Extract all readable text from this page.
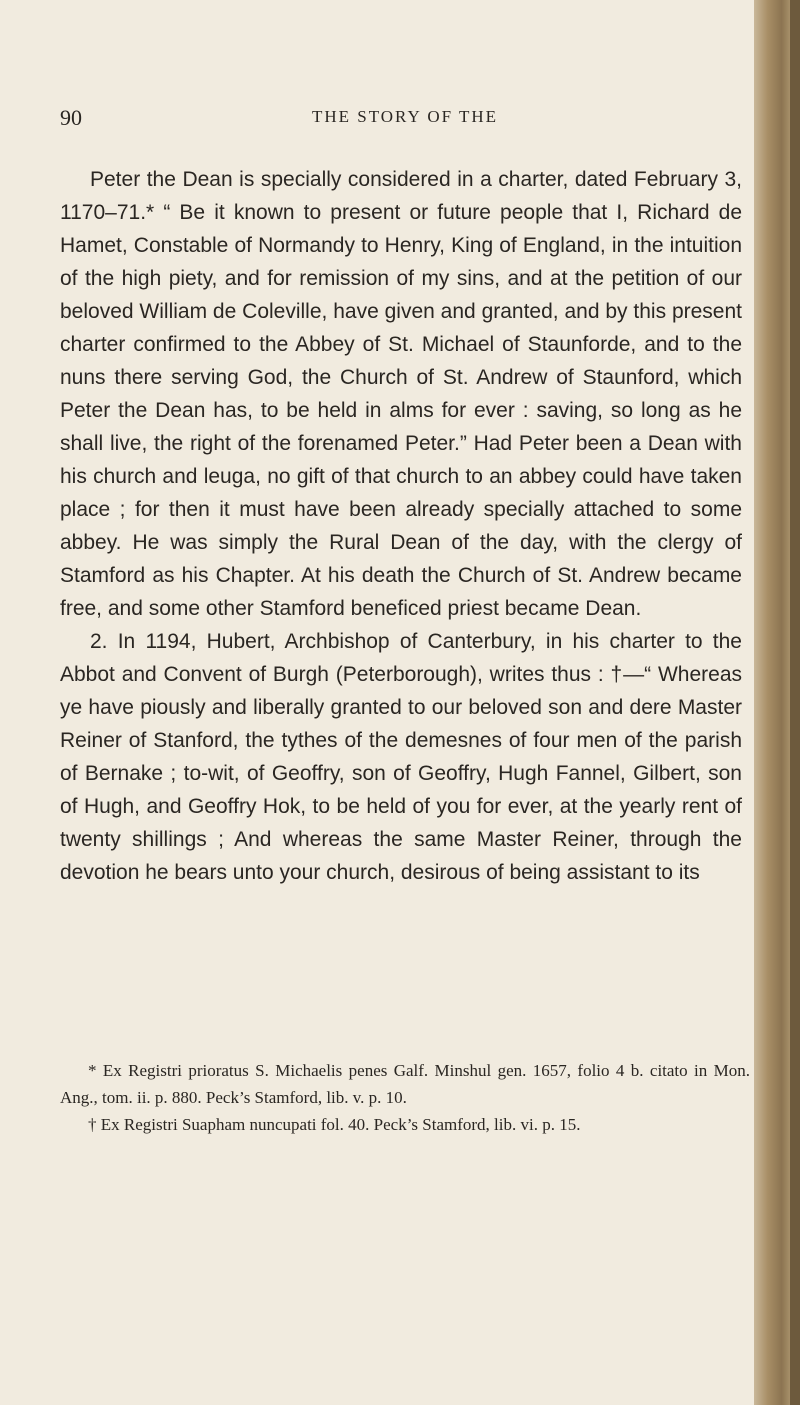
90	THE STORY OF THE

Peter the Dean is specially considered in a charter, dated February 3, 1170–71.* “ Be it known to present or future people that I, Richard de Hamet, Constable of Normandy to Henry, King of England, in the intuition of the high piety, and for remission of my sins, and at the petition of our beloved William de Coleville, have given and granted, and by this present charter confirmed to the Abbey of St. Michael of Staunforde, and to the nuns there serving God, the Church of St. Andrew of Staunford, which Peter the Dean has, to be held in alms for ever : saving, so long as he shall live, the right of the forenamed Peter.” Had Peter been a Dean with his church and leuga, no gift of that church to an abbey could have taken place ; for then it must have been already specially attached to some abbey. He was simply the Rural Dean of the day, with the clergy of Stamford as his Chapter. At his death the Church of St. Andrew became free, and some other Stamford beneficed priest became Dean.

2. In 1194, Hubert, Archbishop of Canterbury, in his charter to the Abbot and Convent of Burgh (Peterborough), writes thus : †—“ Whereas ye have piously and liberally granted to our beloved son and dere Master Reiner of Stanford, the tythes of the demesnes of four men of the parish of Bernake ; to-wit, of Geoffry, son of Geoffry, Hugh Fannel, Gilbert, son of Hugh, and Geoffry Hok, to be held of you for ever, at the yearly rent of twenty shillings ; And whereas the same Master Reiner, through the devotion he bears unto your church, desirous of being assistant to its

* Ex Registri prioratus S. Michaelis penes Galf. Minshul gen. 1657, folio 4 b. citato in Mon. Ang., tom. ii. p. 880. Peck’s Stamford, lib. v. p. 10.

† Ex Registri Suapham nuncupati fol. 40. Peck’s Stamford, lib. vi. p. 15.
